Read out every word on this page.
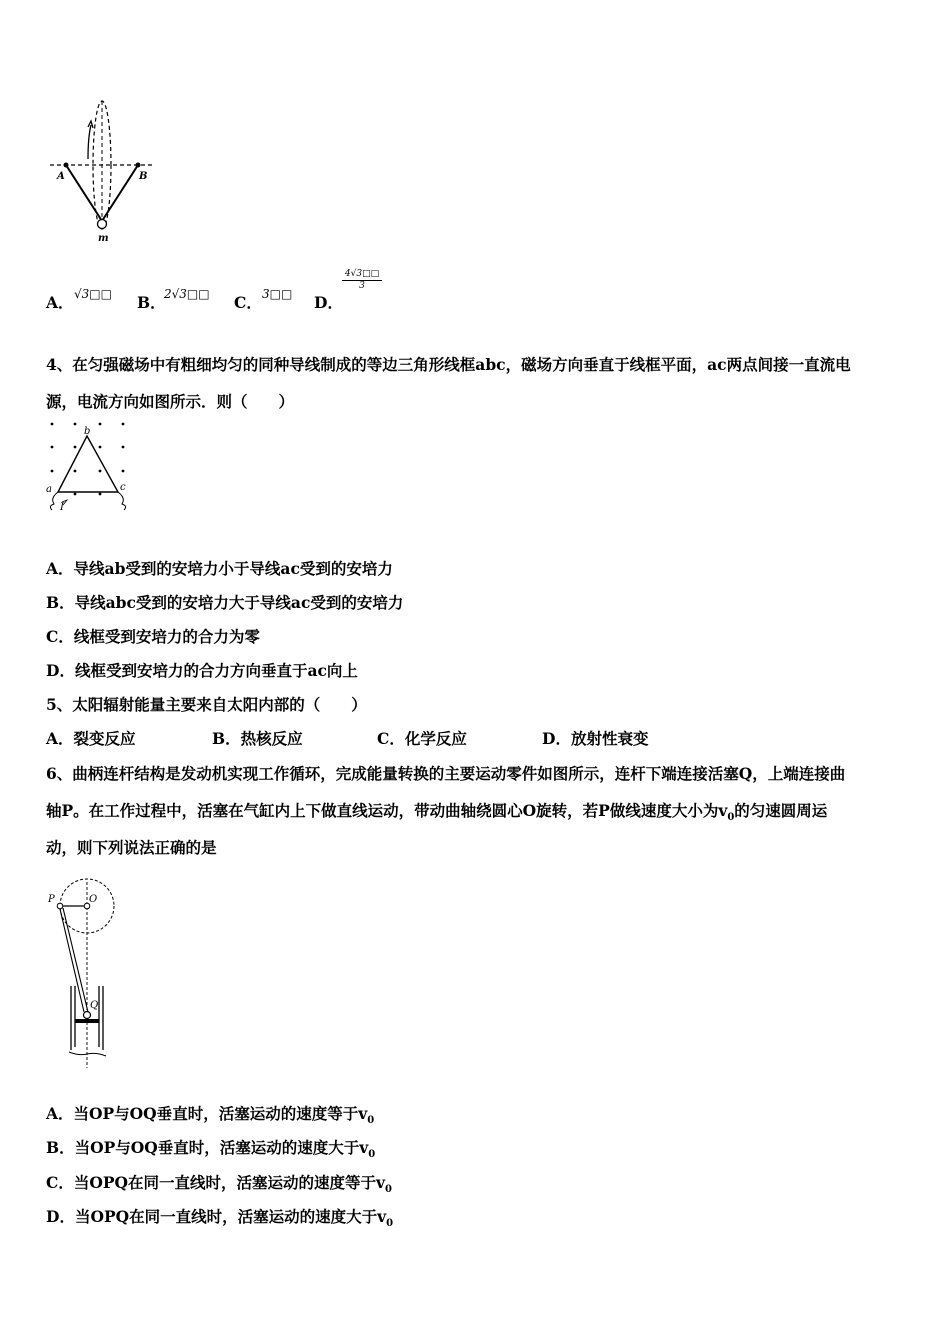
A	B
m
A． √3□□ B．
2√3□□ C． 3□□ D．
$\frac{4√3□□}{3}$
4、在匀强磁场中有粗细均匀的同种导线制成的等边三角形线框abc，磁场方向垂直于线框平面，ac两点间接一直流电
源，电流方向如图所示．则（　　）
b
a	c
I
A．导线ab受到的安培力小于导线ac受到的安培力
B．导线abc受到的安培力大于导线ac受到的安培力
C．线框受到安培力的合力为零
D．线框受到安培力的合力方向垂直于ac向上
5、太阳辐射能量主要来自太阳内部的（　　）
A．裂变反应	B．热核反应	C．化学反应	D．放射性衰变
6、曲柄连杆结构是发动机实现工作循环，完成能量转换的主要运动零件如图所示，连杆下端连接活塞Q，上端连接曲
轴P。在工作过程中，活塞在气缸内上下做直线运动，带动曲轴绕圆心O旋转，若P做线速度大小为$v_0$的匀速圆周运
动，则下列说法正确的是
P	O
Q
A．当OP与OQ垂直时，活塞运动的速度等于$v_0$
B．当OP与OQ垂直时，活塞运动的速度大于$v_0$
C．当OPQ在同一直线时，活塞运动的速度等于$v_0$
D．当OPQ在同一直线时，活塞运动的速度大于$v_0$
